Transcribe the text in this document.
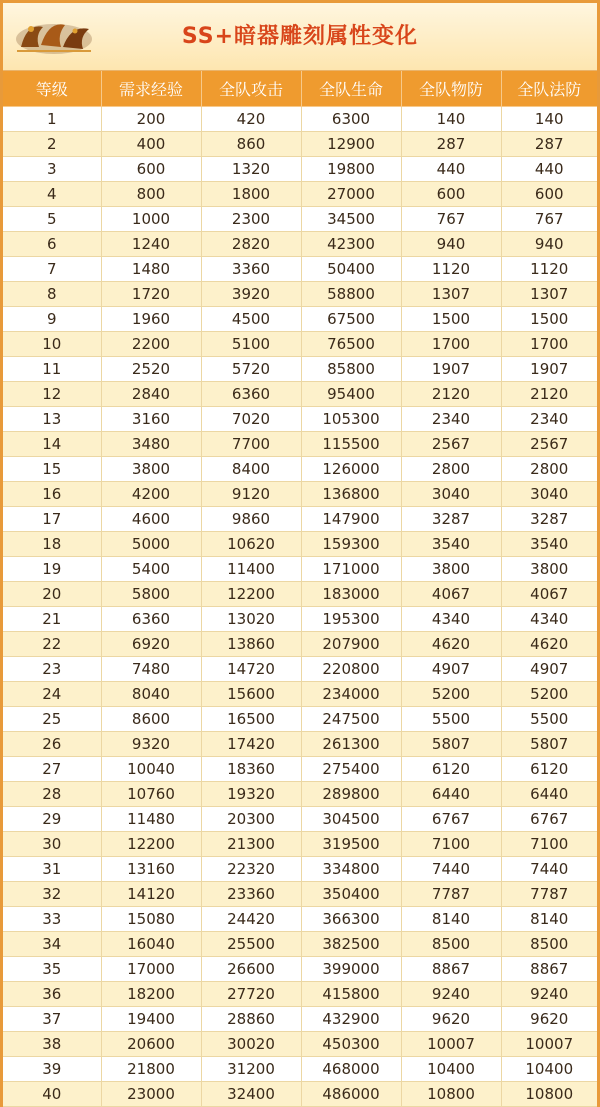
SS+暗器雕刻属性变化
等级	需求经验	全队攻击	全队生命	全队物防	全队法防
1	200	420	6300	140	140
2	400	860	12900	287	287
3	600	1320	19800	440	440
4	800	1800	27000	600	600
5	1000	2300	34500	767	767
6	1240	2820	42300	940	940
7	1480	3360	50400	1120	1120
8	1720	3920	58800	1307	1307
9	1960	4500	67500	1500	1500
10	2200	5100	76500	1700	1700
11	2520	5720	85800	1907	1907
12	2840	6360	95400	2120	2120
13	3160	7020	105300	2340	2340
14	3480	7700	115500	2567	2567
15	3800	8400	126000	2800	2800
16	4200	9120	136800	3040	3040
17	4600	9860	147900	3287	3287
18	5000	10620	159300	3540	3540
19	5400	11400	171000	3800	3800
20	5800	12200	183000	4067	4067
21	6360	13020	195300	4340	4340
22	6920	13860	207900	4620	4620
23	7480	14720	220800	4907	4907
24	8040	15600	234000	5200	5200
25	8600	16500	247500	5500	5500
26	9320	17420	261300	5807	5807
27	10040	18360	275400	6120	6120
28	10760	19320	289800	6440	6440
29	11480	20300	304500	6767	6767
30	12200	21300	319500	7100	7100
31	13160	22320	334800	7440	7440
32	14120	23360	350400	7787	7787
33	15080	24420	366300	8140	8140
34	16040	25500	382500	8500	8500
35	17000	26600	399000	8867	8867
36	18200	27720	415800	9240	9240
37	19400	28860	432900	9620	9620
38	20600	30020	450300	10007	10007
39	21800	31200	468000	10400	10400
40	23000	32400	486000	10800	10800
